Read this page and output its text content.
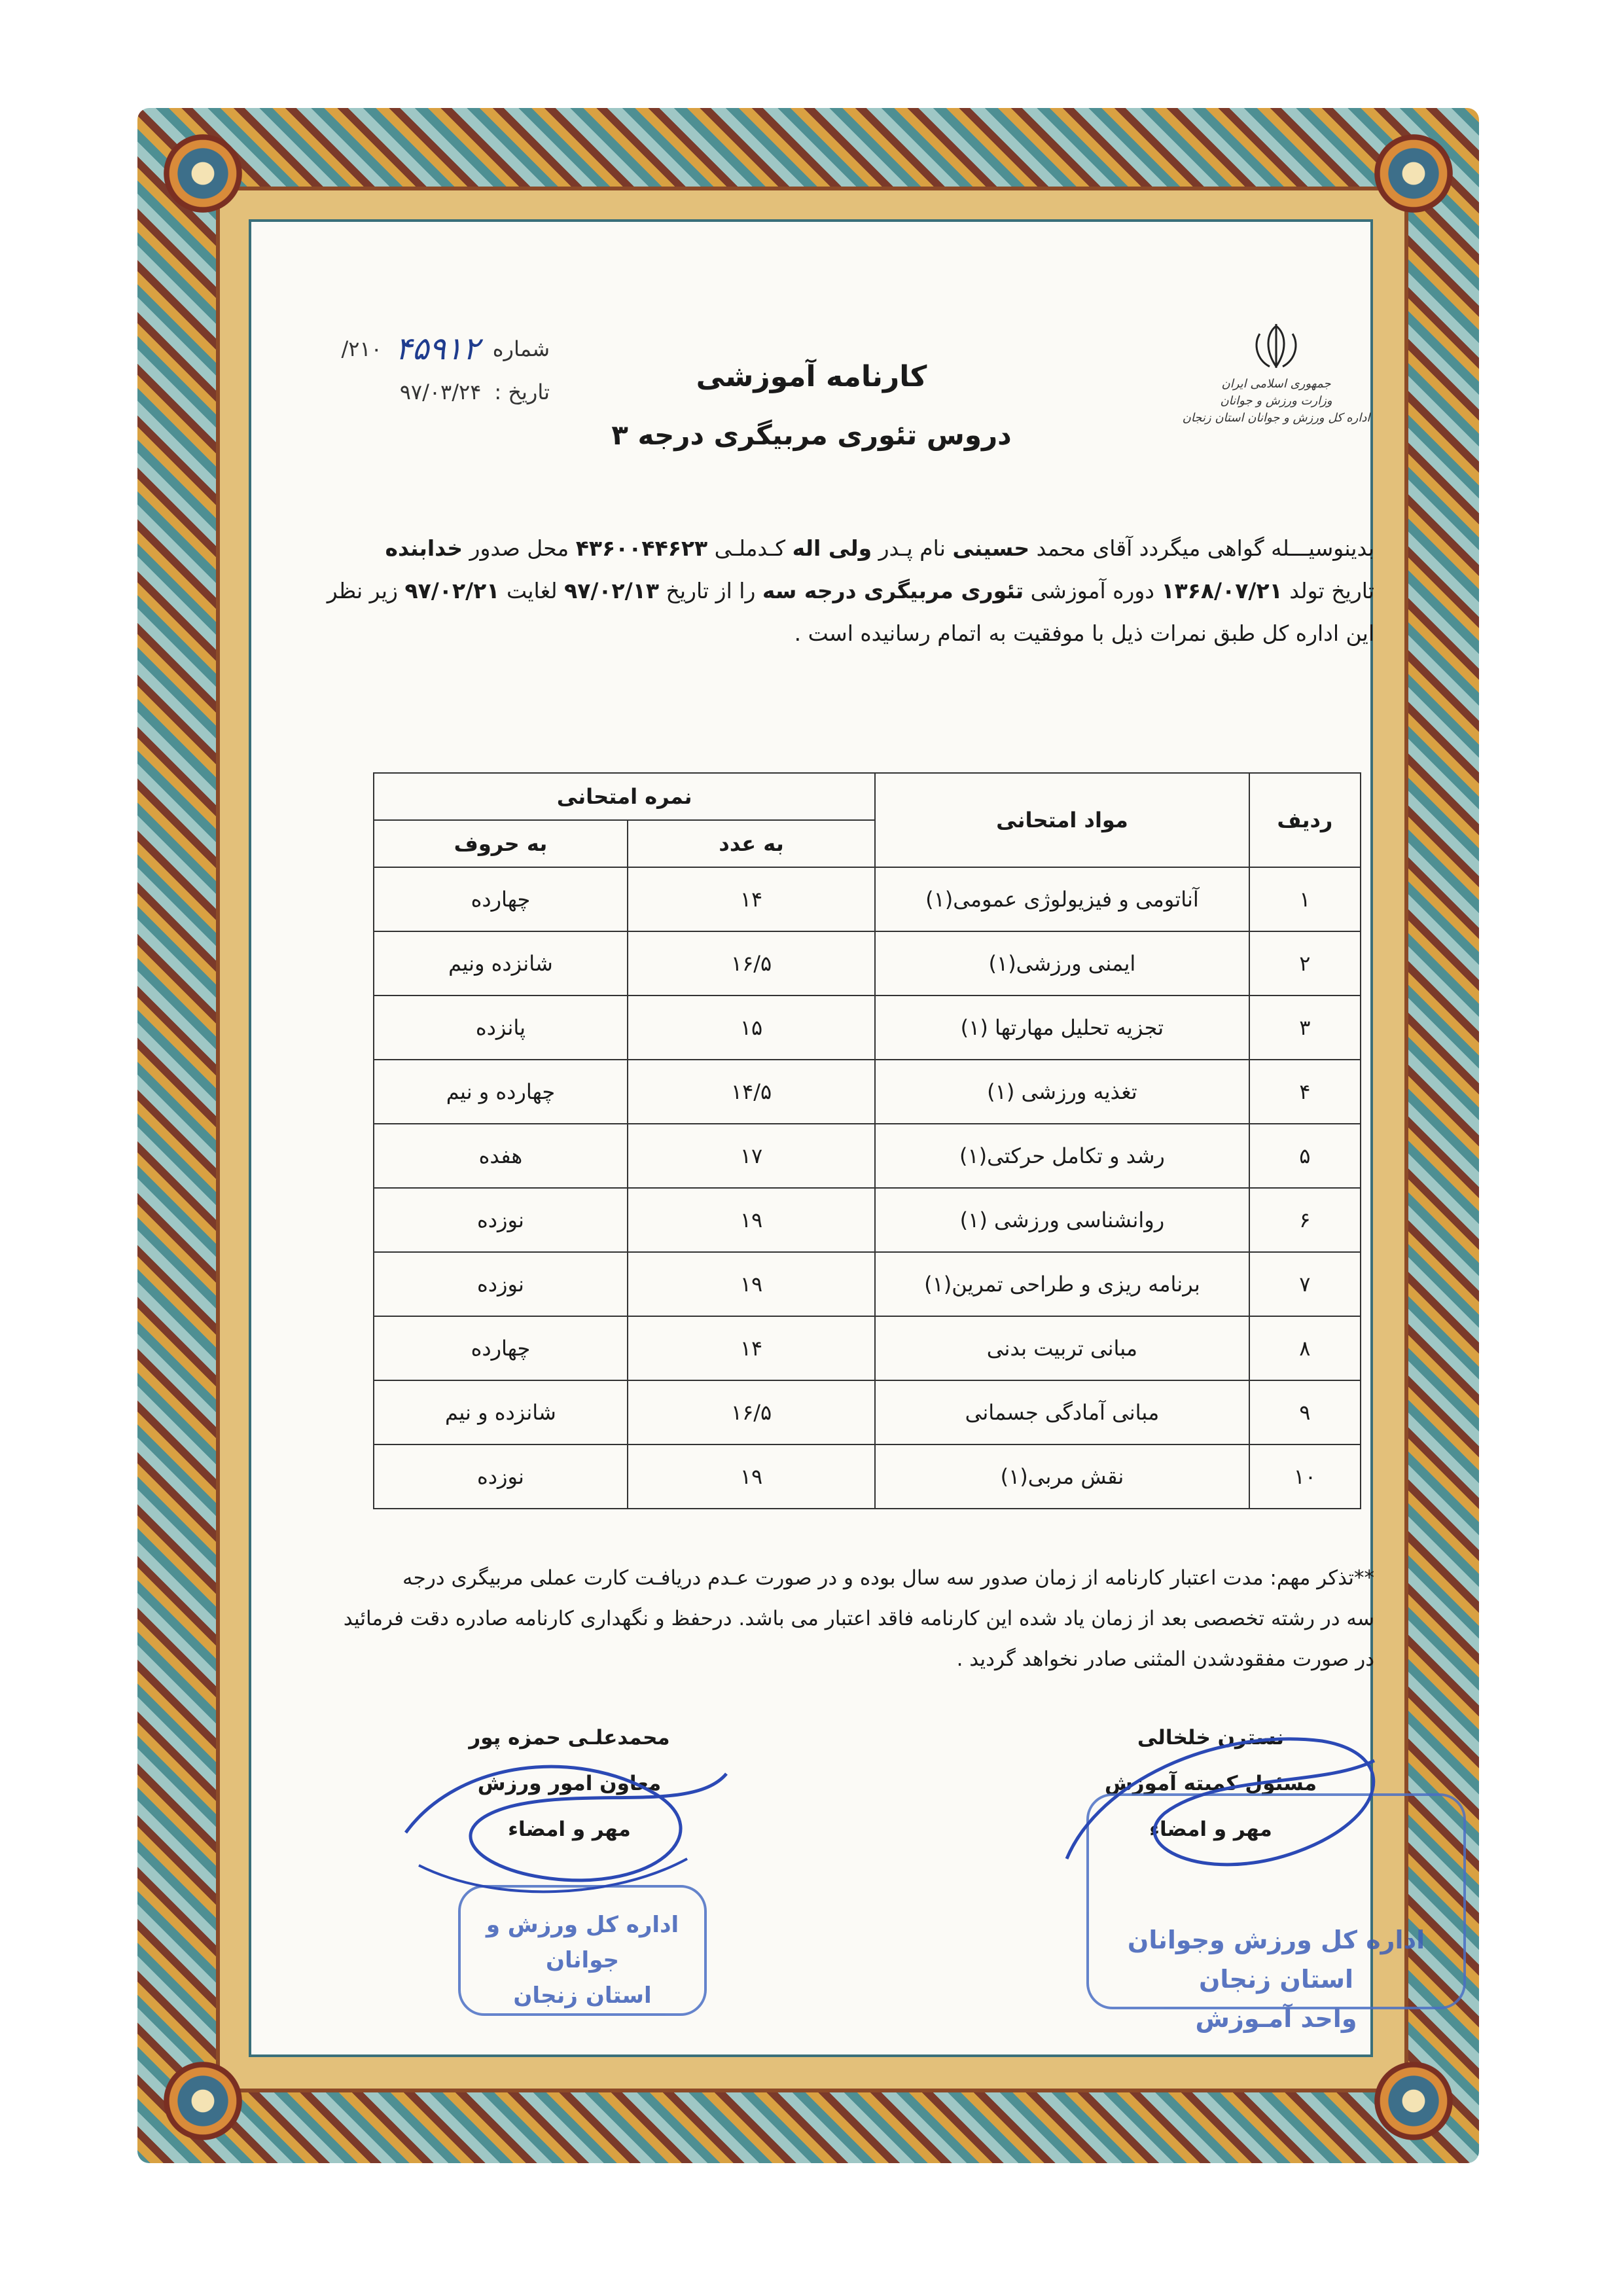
جمهوری اسلامی ایران
وزارت ورزش و جوانان
اداره کل ورزش و جوانان استان زنجان
شماره
۴۵۹۱۲
۲۱۰/
تاریخ :
۹۷/۰۳/۲۴	کارنامه آموزشی
دروس تئوری مربیگری درجه ۳
بدینوسیـــله گواهی میگردد آقای محمد حسینی نام پـدر ولی اله کـدملـی ۴۳۶۰۰۴۴۶۲۳ محل صدور خدابنده
تاریخ تولد ۱۳۶۸/۰۷/۲۱ دوره آموزشی تئوری مربیگری درجه سه را از تاریخ ۹۷/۰۲/۱۳ لغایت ۹۷/۰۲/۲۱ زیر نظر
این اداره کل طبق نمرات ذیل با موفقیت به اتمام رسانیده است .
ردیف	مواد امتحانی	نمره امتحانی	
		به عدد	به حروف
۱	آناتومی و فیزیولوژی عمومی(۱)	۱۴	چهارده
۲	ایمنی ورزشی(۱)	۱۶/۵	شانزده ونیم
۳	تجزیه تحلیل مهارتها (۱)	۱۵	پانزده
۴	تغذیه ورزشی (۱)	۱۴/۵	چهارده و نیم
۵	رشد و تکامل حرکتی(۱)	۱۷	هفده
۶	روانشناسی ورزشی (۱)	۱۹	نوزده
۷	برنامه ریزی و طراحی تمرین(۱)	۱۹	نوزده
۸	مبانی تربیت بدنی	۱۴	چهارده
۹	مبانی آمادگی جسمانی	۱۶/۵	شانزده و نیم
۱۰	نقش مربی(۱)	۱۹	نوزده
**تذکر مهم: مدت اعتبار کارنامه از زمان صدور سه سال بوده و در صورت عـدم دریافـت کارت عملی مربیگری درجه
سه در رشته تخصصی بعد از زمان یاد شده این کارنامه فاقد اعتبار می باشد. درحفظ و نگهداری کارنامه صادره دقت فرمائید
در صورت مفقودشدن المثنی صادر نخواهد گردید .
محمدعلـی حمزه پور
معاون امور ورزش
مهر و امضاء
نسترن خلخالی
مسئول کمیته آموزش
مهر و امضاء
اداره کل ورزش و جوانان
استان زنجان
اداره کل ورزش وجوانان استان زنجان
واحد آمـوزش
